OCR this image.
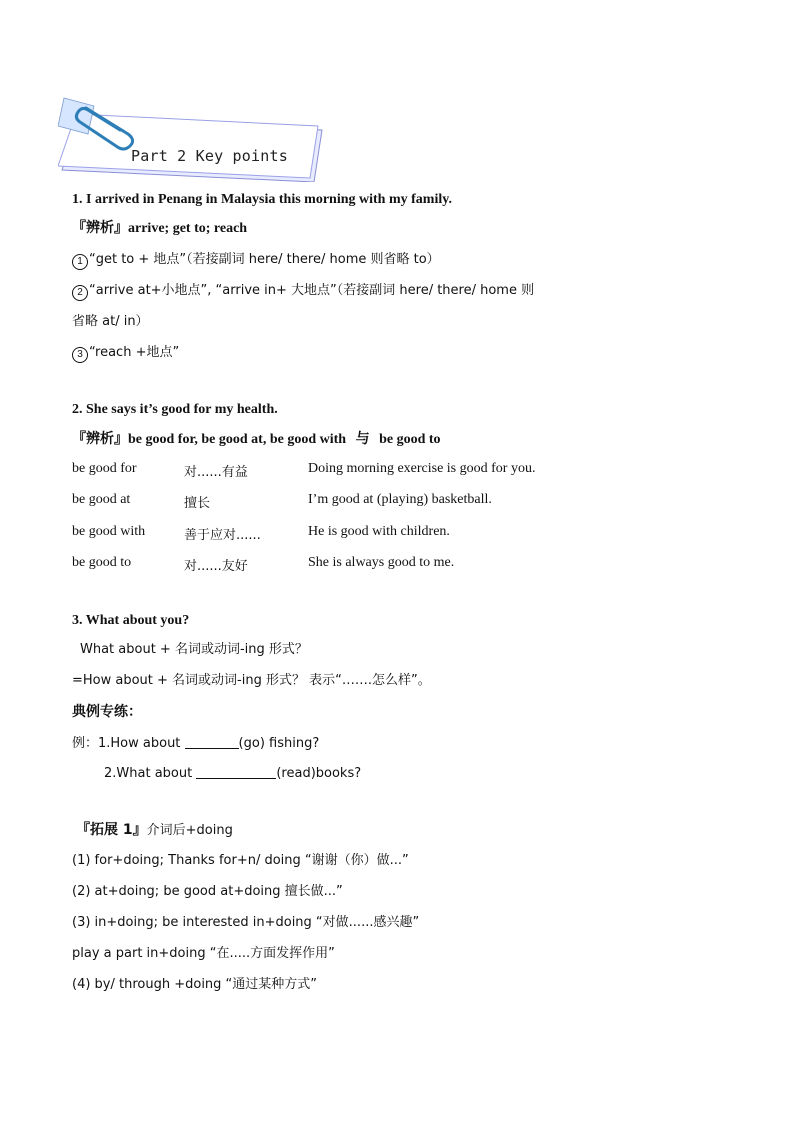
Part 2 Key points
1. I arrived in Penang in Malaysia this morning with my family.
『辨析』arrive; get to; reach
1 “get to + 地点”（若接副词 here/ there/ home 则省略 to）
2 “arrive at+小地点”, “arrive in+ 大地点”（若接副词 here/ there/ home 则
省略 at/ in）
3 “reach +地点”
2. She says it’s good for my health.
『辨析』be good for, be good at, be good with 与 be good to
be good for	对......有益	Doing morning exercise is good for you.
be good at	擅长	I’m good at (playing) basketball.
be good with	善于应对......	He is good with children.
be good to	对......友好	She is always good to me.
3. What about you?
What about + 名词或动词-ing 形式？
=How about + 名词或动词-ing 形式？ 表示“…….怎么样”。
典例专练：
例：1.How about	(go) fishing?
2.What about	(read)books?
『拓展 1』介词后+doing
(1) for+doing; Thanks for+n/ doing “谢谢（你）做...”
(2) at+doing; be good at+doing 擅长做...”
(3) in+doing; be interested in+doing “对做......感兴趣”
play a part in+doing “在.....方面发挥作用”
(4) by/ through +doing “通过某种方式”
